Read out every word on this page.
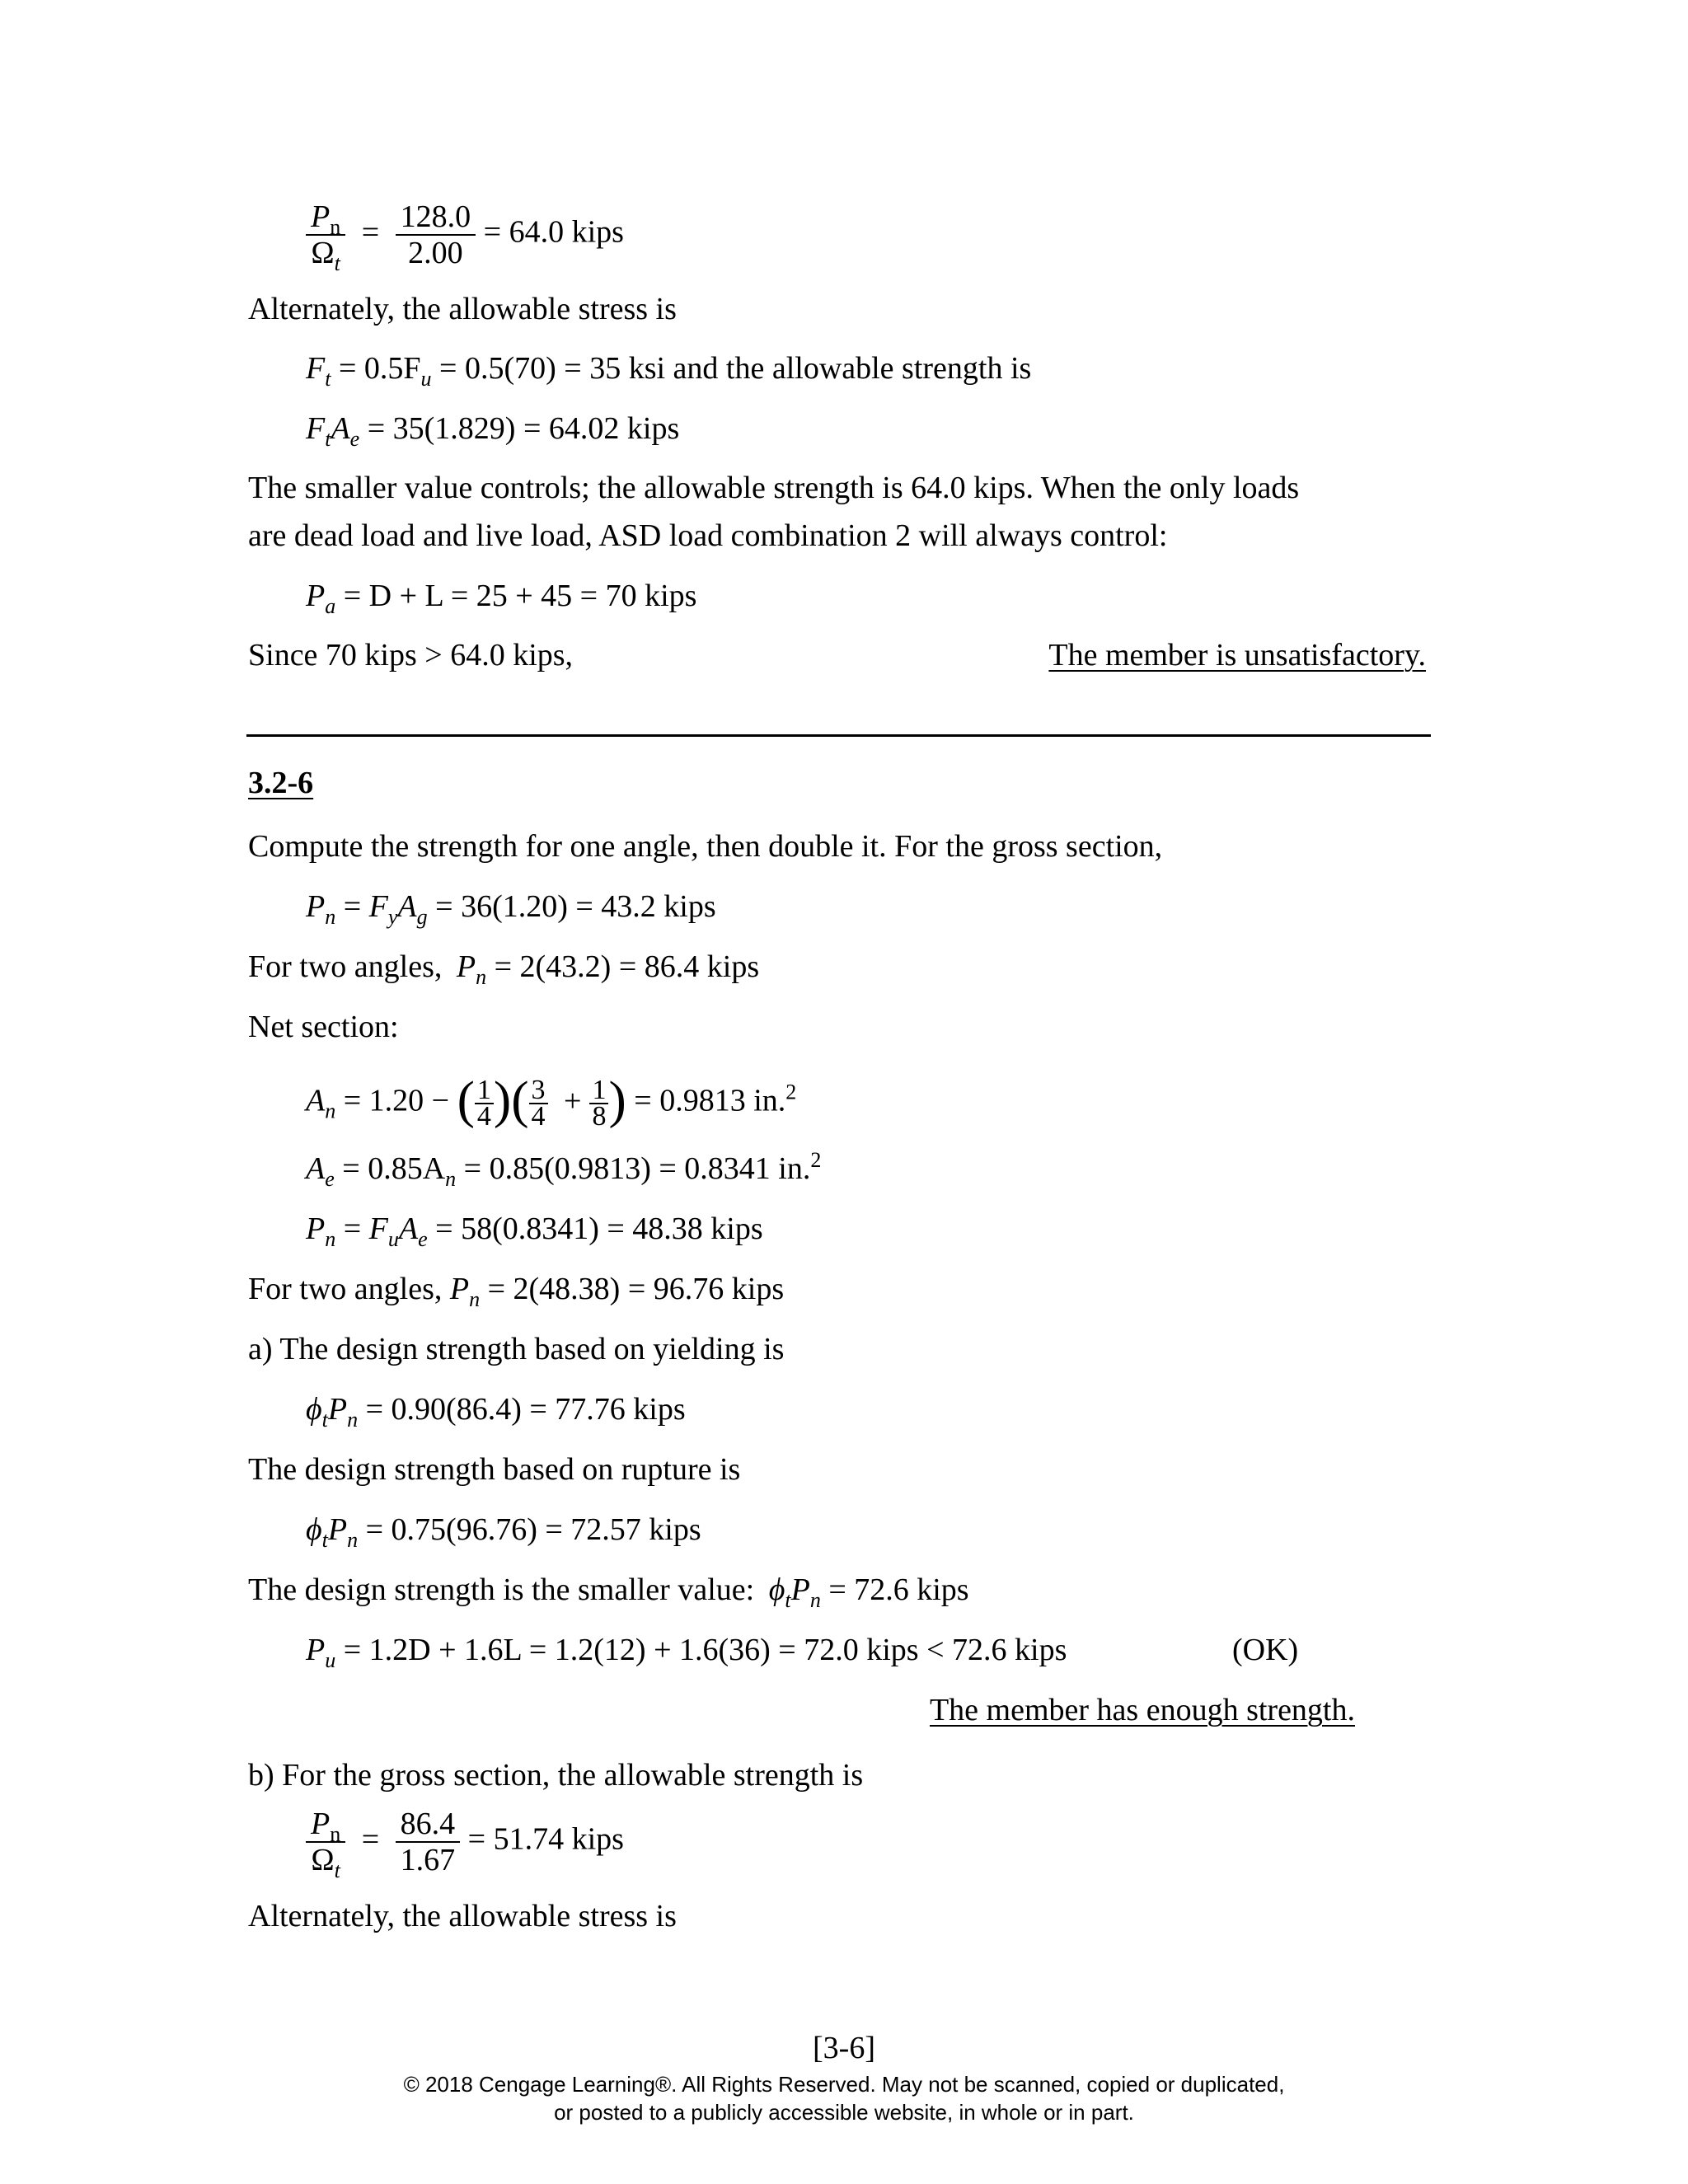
$\frac{P_n}{\Omega_t} = \frac{128.0}{2.00} = 64.0$ kips
Alternately, the allowable stress is
$F_t = 0.5F_u = 0.5(70) = 35$ ksi and the allowable strength is
$F_tA_e = 35(1.829) = 64.02$ kips
The smaller value controls; the allowable strength is 64.0 kips. When the only loads
are dead load and live load, ASD load combination 2 will always control:
$P_a = D + L = 25 + 45 = 70$ kips
Since 70 kips > 64.0 kips,	The member is unsatisfactory.
3.2-6
Compute the strength for one angle, then double it. For the gross section,
$P_n = F_yA_g = 36(1.20) = 43.2$ kips
For two angles, $P_n = 2(43.2) = 86.4$ kips
Net section:
$A_n = 1.20$ − ( $\frac{1}{4}$ )( $\frac{3}{4} + \frac{1}{8}$ ) = 0.9813 in.$^2$
$A_e = 0.85A_n = 0.85(0.9813) = 0.8341$ in.$^2$
$P_n = F_uA_e = 58(0.8341) = 48.38$ kips
For two angles, $P_n = 2(48.38) = 96.76$ kips
a) The design strength based on yielding is
$\phi_tP_n = 0.90(86.4) = 77.76$ kips
The design strength based on rupture is
$\phi_tP_n = 0.75(96.76) = 72.57$ kips
The design strength is the smaller value: $\phi_tP_n = 72.6$ kips
$P_u = 1.2D + 1.6L = 1.2(12) + 1.6(36) = 72.0$ kips < 72.6 kips	(OK)
The member has enough strength.
b) For the gross section, the allowable strength is
$\frac{P_n}{\Omega_t} = \frac{86.4}{1.67} = 51.74$ kips
Alternately, the allowable stress is
[3-6]
© 2018 Cengage Learning®. All Rights Reserved. May not be scanned, copied or duplicated,
or posted to a publicly accessible website, in whole or in part.
